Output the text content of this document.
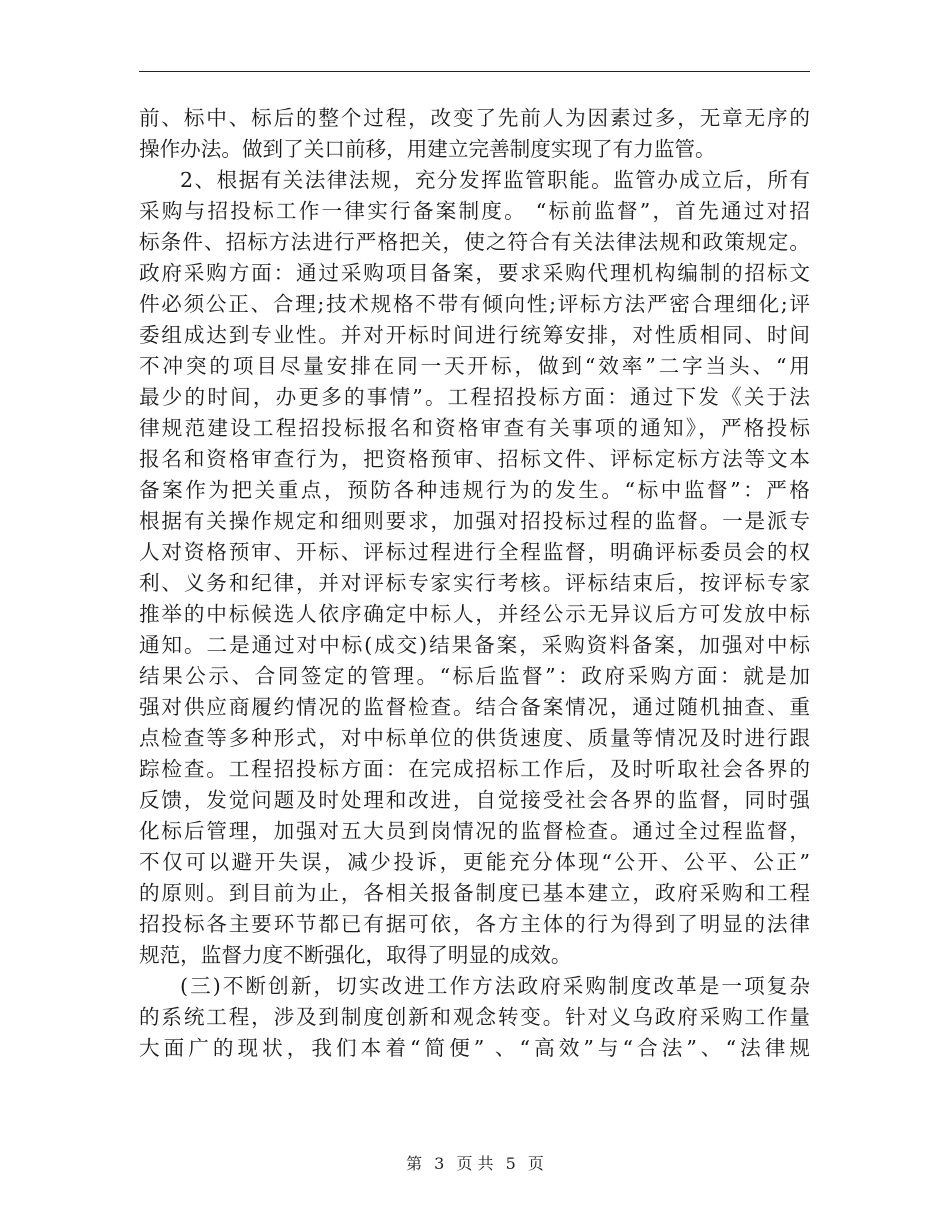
前、标中、标后的整个过程，改变了先前人为因素过多，无章无序的
操作办法。做到了关口前移，用建立完善制度实现了有力监管。
2、根据有关法律法规，充分发挥监管职能。监管办成立后，所有
采购与招投标工作一律实行备案制度。 “标前监督”，首先通过对招
标条件、招标方法进行严格把关，使之符合有关法律法规和政策规定。
政府采购方面：通过采购项目备案，要求采购代理机构编制的招标文
件必须公正、合理;技术规格不带有倾向性;评标方法严密合理细化;评
委组成达到专业性。并对开标时间进行统筹安排，对性质相同、时间
不冲突的项目尽量安排在同一天开标，做到“效率”二字当头、“用
最少的时间，办更多的事情”。工程招投标方面：通过下发《关于法
律规范建设工程招投标报名和资格审查有关事项的通知》，严格投标
报名和资格审查行为，把资格预审、招标文件、评标定标方法等文本
备案作为把关重点，预防各种违规行为的发生。“标中监督”：严格
根据有关操作规定和细则要求，加强对招投标过程的监督。一是派专
人对资格预审、开标、评标过程进行全程监督，明确评标委员会的权
利、义务和纪律，并对评标专家实行考核。评标结束后，按评标专家
推举的中标候选人依序确定中标人，并经公示无异议后方可发放中标
通知。二是通过对中标(成交)结果备案，采购资料备案，加强对中标
结果公示、合同签定的管理。“标后监督”：政府采购方面：就是加
强对供应商履约情况的监督检查。结合备案情况，通过随机抽查、重
点检查等多种形式，对中标单位的供货速度、质量等情况及时进行跟
踪检查。工程招投标方面：在完成招标工作后，及时听取社会各界的
反馈，发觉问题及时处理和改进，自觉接受社会各界的监督，同时强
化标后管理，加强对五大员到岗情况的监督检查。通过全过程监督，
不仅可以避开失误，减少投诉，更能充分体现“公开、公平、公正”
的原则。到目前为止，各相关报备制度已基本建立，政府采购和工程
招投标各主要环节都已有据可依，各方主体的行为得到了明显的法律
规范，监督力度不断强化，取得了明显的成效。
(三)不断创新，切实改进工作方法政府采购制度改革是一项复杂
的系统工程，涉及到制度创新和观念转变。针对义乌政府采购工作量
大面广的现状，我们本着“简便” 、“高效”与“合法”、“法律规
第 3 页 共 5 页
